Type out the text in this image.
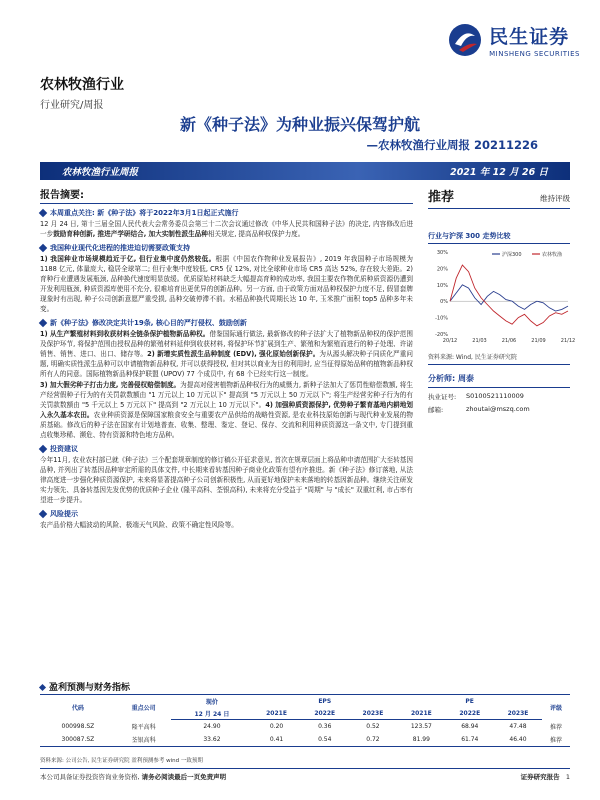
民生证券
MINSHENG SECURITIES
农林牧渔行业
行业研究/周报
新《种子法》为种业振兴保驾护航
—农林牧渔行业周报 20211226
农林牧渔行业周报	2021 年 12 月 26 日
报告摘要:
本周重点关注: 新《种子法》将于2022年3月1日起正式施行
12 月 24 日, 第十三届全国人民代表大会常务委员会第三十二次会议通过修改《中华人民共和国种子法》的决定, 内容修改后进一步鼓励育种创新, 推进产学研结合, 加大实制性派生品种相关规定, 提高品种权保护力度。
我国种业现代化进程的推进迫切需要政策支持
1) 我国种业市场规模趋近于亿, 但行业集中度仍然较低。根据《中国农作物种业发展报告》, 2019 年我国种子市场规模为 1188 亿元, 体量庞大, 稳居全球第二; 但行业集中度较低, CR5 仅 12%, 对比全球种业市场 CR5 高达 52%, 存在较大差距。2) 育种行业遭遇发展瓶颈, 品种换代速度明显放缓。优质原始材料缺乏大幅提高育种的成功率, 我国主要农作物优质种质资源仍遭到开发利用瓶颈, 种质资源库使用不充分, 很难培育出更优异的创新品种。另一方面, 由于政策方面对品种权保护力度不足, 假冒套牌现象时有出现, 种子公司创新意愿严重受损, 品种交破停滞不前。水稻品种换代周期长达 10 年, 玉米推广面积 top5 品种多年未变。
新《种子法》修改决定共计19条, 核心目的严打侵权、鼓励创新
1) 从生产繁殖材料到收获材料全链条保护植物新品种权。借鉴国际通行做法, 最新修改的种子法扩大了植物新品种权的保护范围及保护环节, 将保护范围由授权品种的繁殖材料延伸到收获材料, 将保护环节扩展到生产、繁殖和为繁殖而进行的种子处理、许诺销售、销售、进口、出口、储存等。2) 新增实质性派生品种制度 (EDV), 强化原始创新保护。为从源头解决种子同质化严重问题, 明确实质性派生品种可以申请植物新品种权, 并可以获得授权, 但对其以商业为目的利用时, 应当征得原始品种的植物新品种权所有人的同意。国际植物新品种保护联盟 (UPOV) 77 个成员中, 有 68 个已经实行这一制度。
3) 加大假劣种子打击力度, 完善侵权赔偿制度。为提高对侵害植物新品种权行为的威慑力, 新种子法加大了惩罚性赔偿数额, 将生产经营假种子行为的有关罚款数额由 "1 万元以上 10 万元以下" 提高到 "5 万元以上 50 万元以下"; 将生产经营劣种子行为的有关罚款数额由 "5 千元以上 5 万元以下" 提高到 "2 万元以上 10 万元以下"。4) 加强种质资源保护, 优势种子繁育基地内耕地划入永久基本农田。农业种质资源是保障国家粮食安全与重要农产品供给的战略性资源, 是农业科技原始创新与现代种业发展的物质基础。修改后的种子法在国家有计划地普查、收集、整理、鉴定、登记、保存、交流和利用种质资源这一条文中, 专门提到重点收集珍稀、濒危、特有资源和特色地方品种。
投资建议
今年11月, 农业农村部已就《种子法》三个配套规章制度的修订稿公开征求意见, 首次在规章层面上将品种申请范围扩大至转基因品种, 并列出了转基因品种审定所需的具体文件, 中长期来看转基因种子商业化政策有望有序推进。新《种子法》修订落地, 从法律高度进一步强化种质资源保护, 未来将显著提高种子公司创新积极性, 从而更好地保护未来落地的转基因新品种。继续关注研发实力领先、具备转基因先发优势的优质种子企业 (隆平高科、荃银高科), 未来将充分受益于 "周期" 与 "成长" 双重红利, 市占率有望进一步提升。
风险提示
农产品价格大幅波动的风险、极端天气风险、政策不确定性风险等。
推荐	维持评级
行业与沪深 300 走势比较
30%
20%
10%
0%
-10%
-20%
20/12	21/03	21/06	21/09	21/12
沪深300	农林牧渔
资料来源: Wind, 民生证券研究院
分析师: 周泰
执业证号:	S0100521110009
邮箱:	zhoutai@mszq.com
盈利预测与财务指标
代码	重点公司	现价	EPS			PE			评级
		12 月 24 日	2021E	2022E	2023E	2021E	2022E	2023E	
000998.SZ	隆平高科	24.90	0.20	0.36	0.52	123.57	68.94	47.48	推荐
300087.SZ	荃银高科	33.62	0.41	0.54	0.72	81.99	61.74	46.40	推荐
资料来源: 公司公告, 民生证券研究院 盈利预测参考 wind 一致预期
本公司具备证券投资咨询业务资格, 请务必阅读最后一页免责声明	证券研究报告 1
